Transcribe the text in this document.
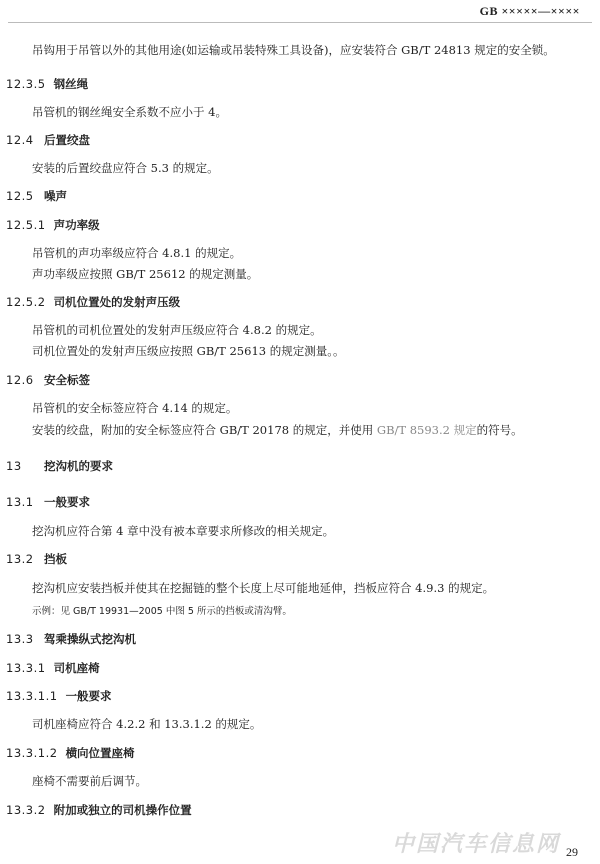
GB ×××××—××××
吊钩用于吊管以外的其他用途(如运输或吊装特殊工具设备)，应安装符合 GB/T 24813 规定的安全锁。
12.3.5 钢丝绳
吊管机的钢丝绳安全系数不应小于 4。
12.4 后置绞盘
安装的后置绞盘应符合 5.3 的规定。
12.5 噪声
12.5.1 声功率级
吊管机的声功率级应符合 4.8.1 的规定。
声功率级应按照 GB/T 25612 的规定测量。
12.5.2 司机位置处的发射声压级
吊管机的司机位置处的发射声压级应符合 4.8.2 的规定。
司机位置处的发射声压级应按照 GB/T 25613 的规定测量。。
12.6 安全标签
吊管机的安全标签应符合 4.14 的规定。
安装的绞盘，附加的安全标签应符合 GB/T 20178 的规定，并使用 GB/T 8593.2 规定的符号。
13 挖沟机的要求
13.1 一般要求
挖沟机应符合第 4 章中没有被本章要求所修改的相关规定。
13.2 挡板
挖沟机应安装挡板并使其在挖掘链的整个长度上尽可能地延伸，挡板应符合 4.9.3 的规定。
示例：见 GB/T 19931—2005 中图 5 所示的挡板或清沟臂。
13.3 驾乘操纵式挖沟机
13.3.1 司机座椅
13.3.1.1 一般要求
司机座椅应符合 4.2.2 和 13.3.1.2 的规定。
13.3.1.2 横向位置座椅
座椅不需要前后调节。
13.3.2 附加或独立的司机操作位置
中国汽车信息网 29
